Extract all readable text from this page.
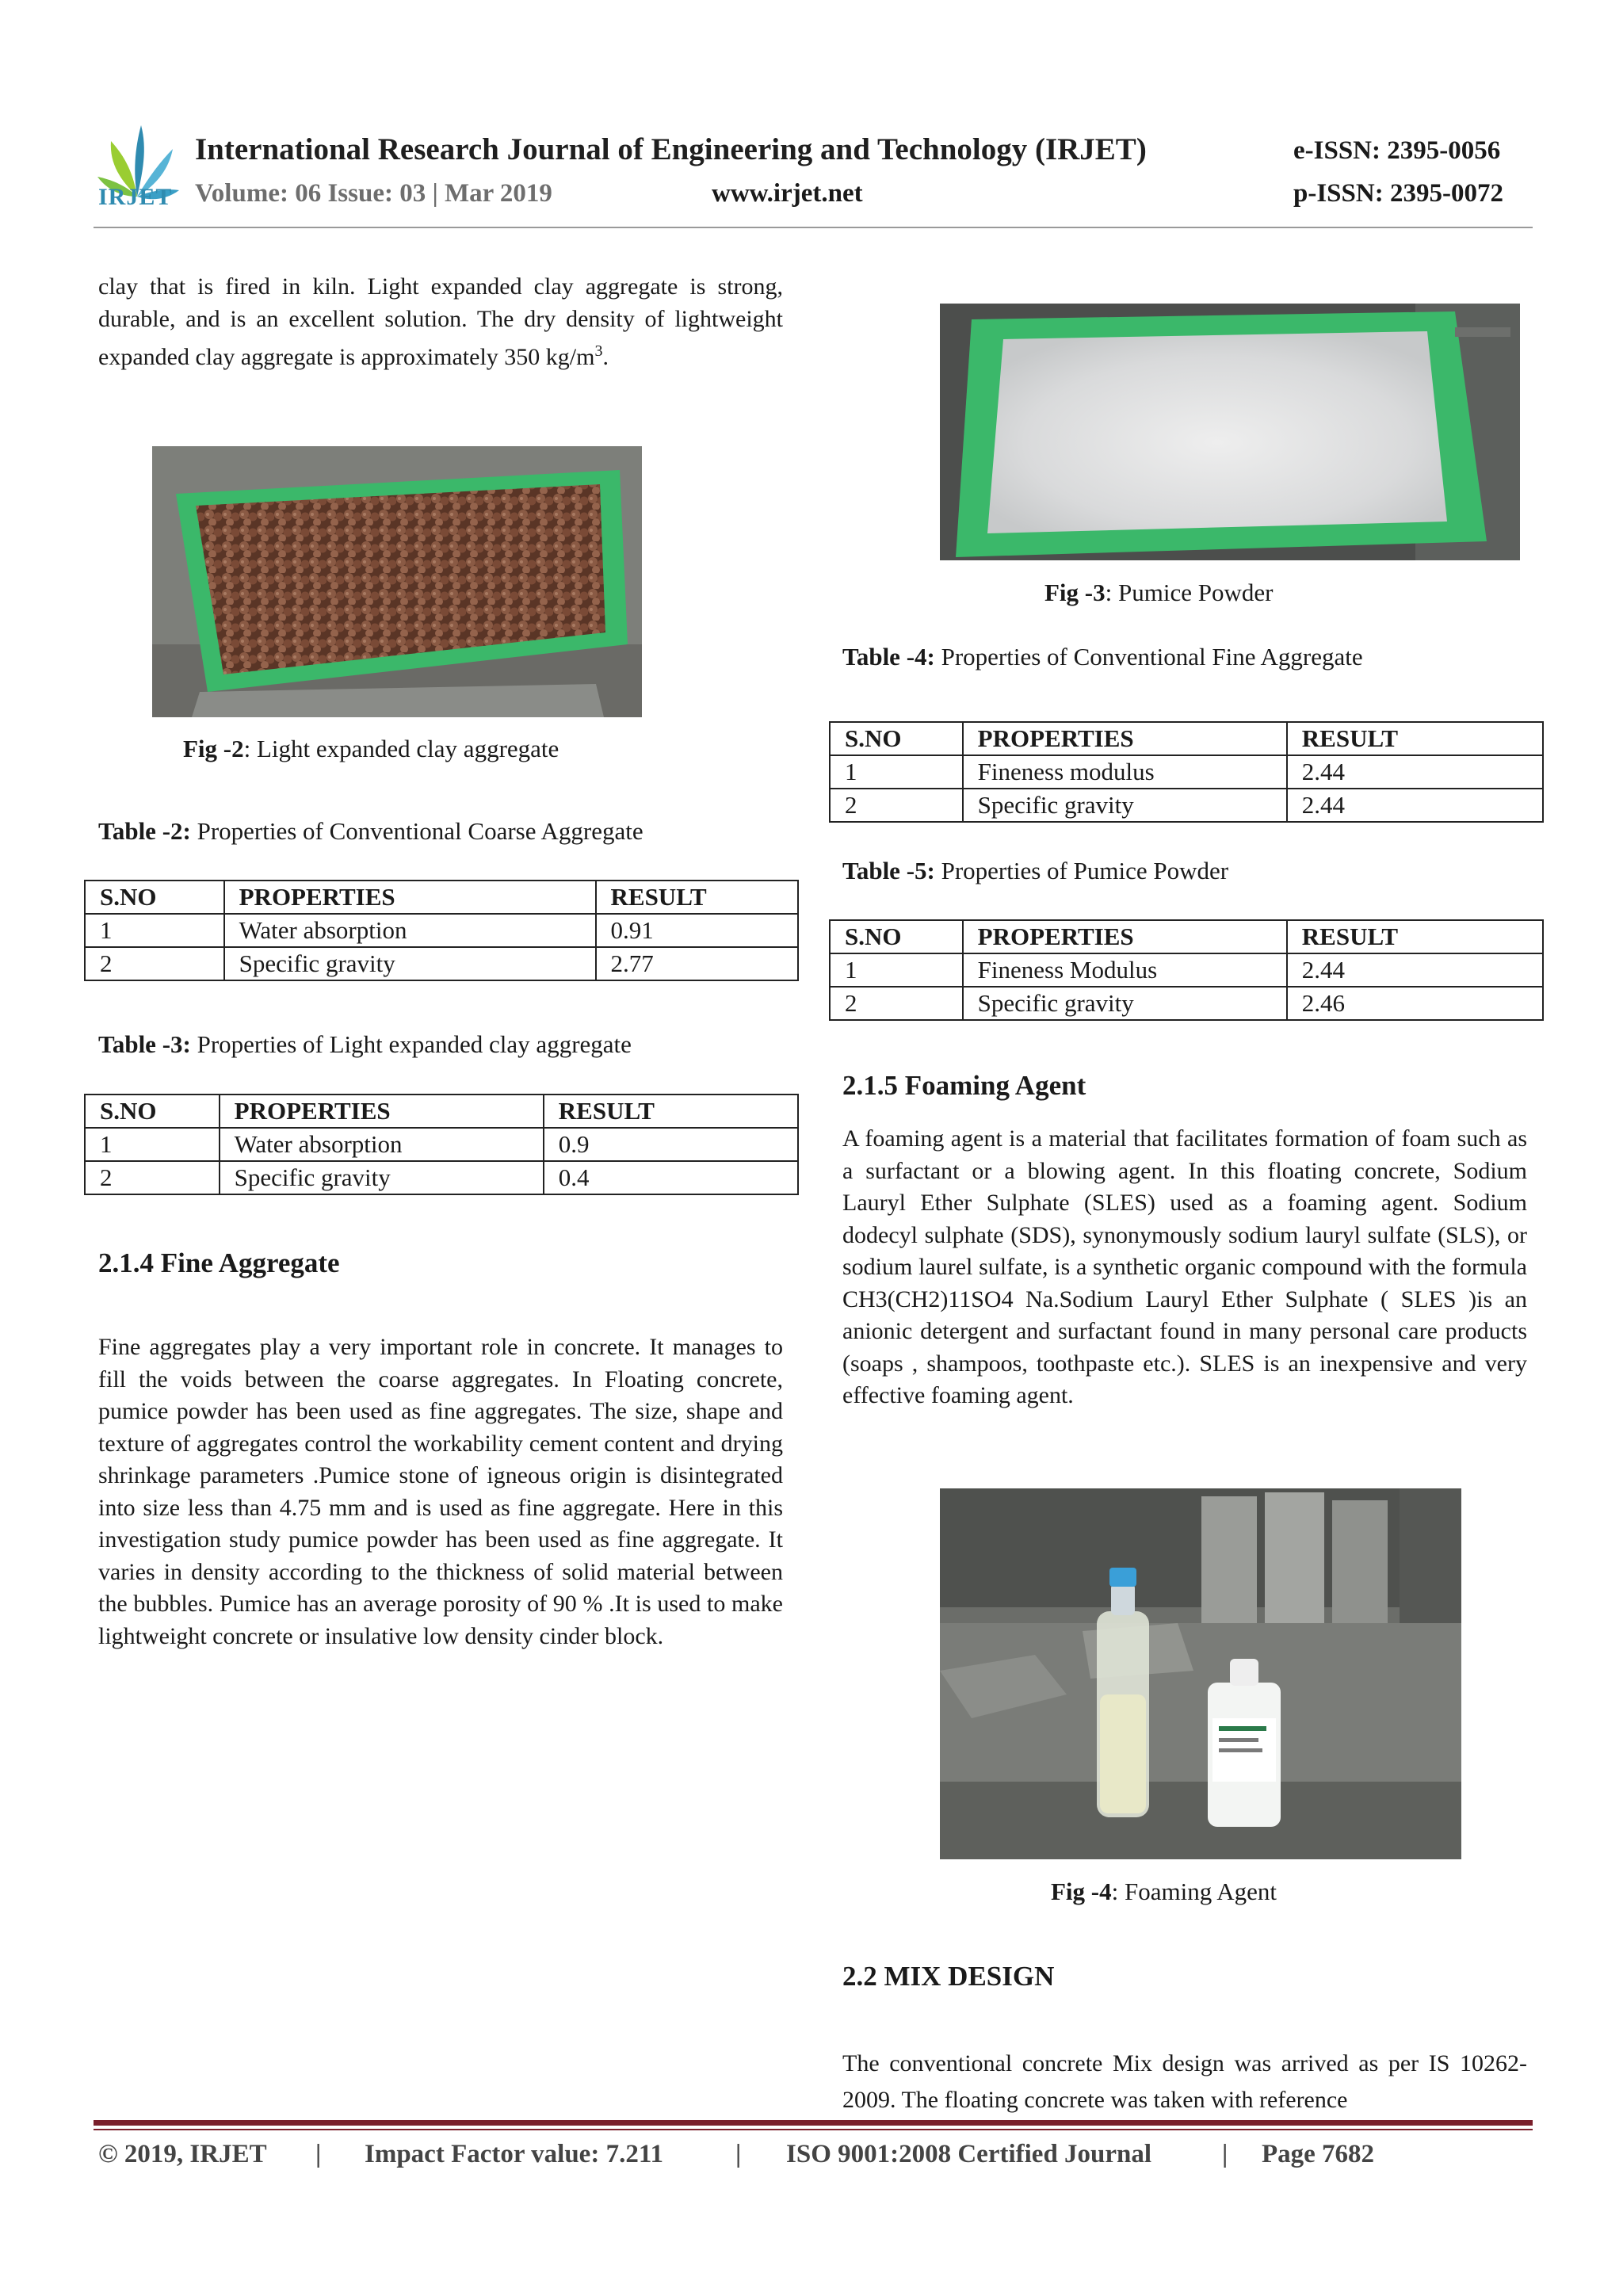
IRJET
International Research Journal of Engineering and Technology (IRJET)	e-ISSN: 2395-0056
Volume: 06 Issue: 03 | Mar 2019	www.irjet.net	p-ISSN: 2395-0072

clay that is fired in kiln. Light expanded clay aggregate is strong, durable, and is an excellent solution. The dry density of lightweight expanded clay aggregate is approximately 350 $kg/m^3$.

Fig -2: Light expanded clay aggregate
Table -2: Properties of Conventional Coarse Aggregate
S.NO	PROPERTIES	RESULT
1	Water absorption	0.91
2	Specific gravity	2.77
Table -3: Properties of Light expanded clay aggregate
S.NO	PROPERTIES	RESULT
1	Water absorption	0.9
2	Specific gravity	0.4
2.1.4 Fine Aggregate

Fine aggregates play a very important role in concrete. It manages to fill the voids between the coarse aggregates. In Floating concrete, pumice powder has been used as fine aggregates. The size, shape and texture of aggregates control the workability cement content and drying shrinkage parameters .Pumice stone of igneous origin is disintegrated into size less than 4.75 mm and is used as fine aggregate. Here in this investigation study pumice powder has been used as fine aggregate. It varies in density according to the thickness of solid material between the bubbles. Pumice has an average porosity of 90 % .It is used to make lightweight concrete or insulative low density cinder block.

Fig -3: Pumice Powder
Table -4: Properties of Conventional Fine Aggregate
S.NO	PROPERTIES	RESULT
1	Fineness modulus	2.44
2	Specific gravity	2.44
Table -5: Properties of Pumice Powder
S.NO	PROPERTIES	RESULT
1	Fineness Modulus	2.44
2	Specific gravity	2.46
2.1.5 Foaming Agent

A foaming agent is a material that facilitates formation of foam such as a surfactant or a blowing agent. In this floating concrete, Sodium Lauryl Ether Sulphate (SLES) used as a foaming agent. Sodium dodecyl sulphate (SDS), synonymously sodium lauryl sulfate (SLS), or sodium laurel sulfate, is a synthetic organic compound with the formula CH3(CH2)11SO4 Na.Sodium Lauryl Ether Sulphate ( SLES )is an anionic detergent and surfactant found in many personal care products (soaps , shampoos, toothpaste etc.). SLES is an inexpensive and very effective foaming agent.

Fig -4: Foaming Agent
2.2 MIX DESIGN

The conventional concrete Mix design was arrived as per IS 10262-2009. The floating concrete was taken with reference

© 2019, IRJET | Impact Factor value: 7.211	| ISO 9001:2008 Certified Journal	| Page 7682
